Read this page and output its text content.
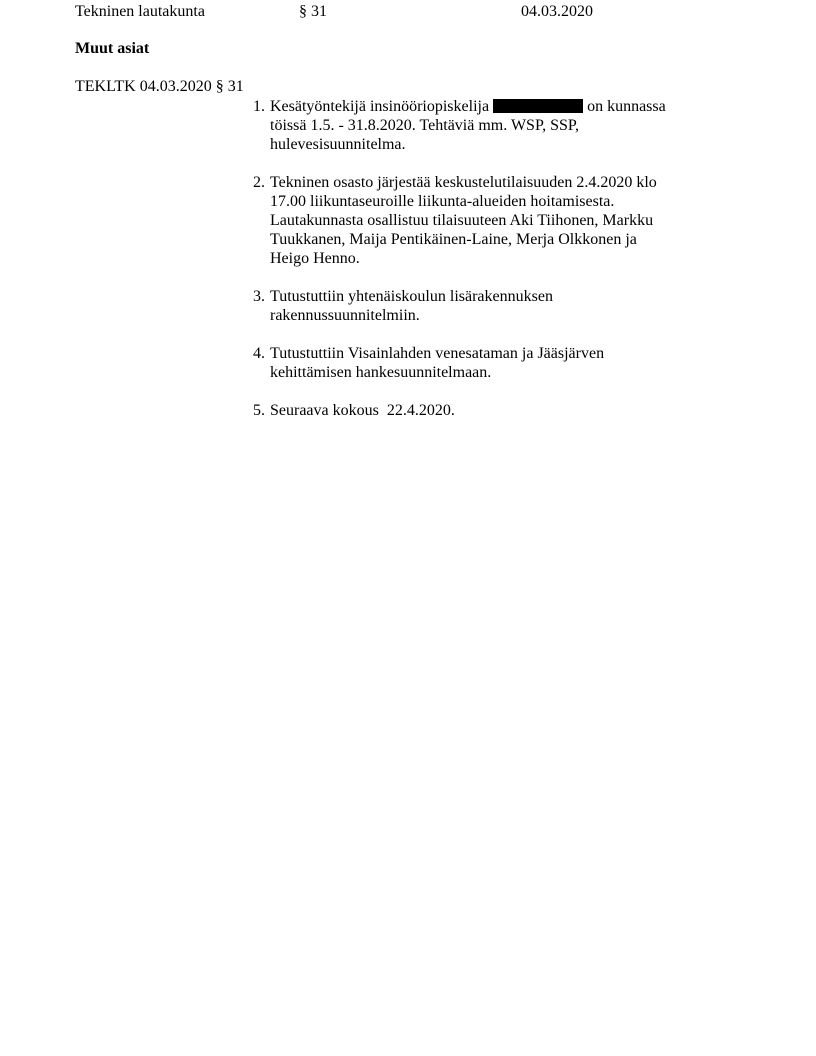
Tekninen lautakunta	§ 31	04.03.2020
Muut asiat
TEKLTK 04.03.2020 § 31
1. Kesätyöntekijä insinööriopiskelija	on kunnassa
töissä 1.5. - 31.8.2020. Tehtäviä mm. WSP, SSP,
hulevesisuunnitelma.
2. Tekninen osasto järjestää keskustelutilaisuuden 2.4.2020 klo
17.00 liikuntaseuroille liikunta-alueiden hoitamisesta.
Lautakunnasta osallistuu tilaisuuteen Aki Tiihonen, Markku
Tuukkanen, Maija Pentikäinen-Laine, Merja Olkkonen ja
Heigo Henno.
3. Tutustuttiin yhtenäiskoulun lisärakennuksen
rakennussuunnitelmiin.
4. Tutustuttiin Visainlahden venesataman ja Jääsjärven
kehittämisen hankesuunnitelmaan.
5. Seuraava kokous  22.4.2020.
